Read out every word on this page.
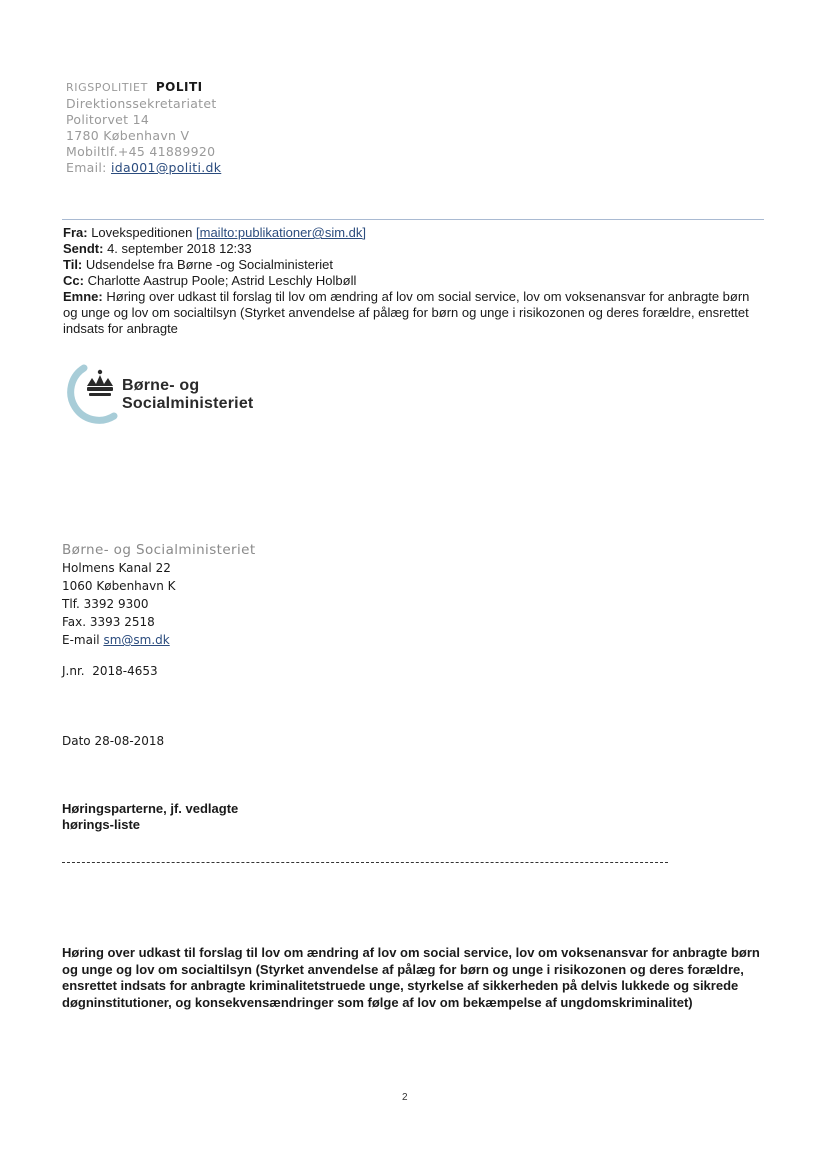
RIGSPOLITIET POLITI
Direktionssekretariatet
Politorvet 14
1780 København V
Mobiltlf.+45 41889920
Email: ida001@politi.dk
Fra: Lovekspeditionen [mailto:publikationer@sim.dk]
Sendt: 4. september 2018 12:33
Til: Udsendelse fra Børne -og Socialministeriet
Cc: Charlotte Aastrup Poole; Astrid Leschly Holbøll
Emne: Høring over udkast til forslag til lov om ændring af lov om social service, lov om voksenansvar for anbragte børn og unge og lov om socialtilsyn (Styrket anvendelse af pålæg for børn og unge i risikozonen og deres forældre, ensrettet indsats for anbragte
Børne- og
Socialministeriet
Børne- og Socialministeriet
Holmens Kanal 22
1060 København K
Tlf. 3392 9300
Fax. 3393 2518
E-mail sm@sm.dk
J.nr.  2018-4653
Dato 28-08-2018
Høringsparterne, jf. vedlagte
hørings-liste
Høring over udkast til forslag til lov om ændring af lov om social service, lov om voksenansvar for anbragte børn og unge og lov om socialtilsyn (Styrket anvendelse af pålæg for børn og unge i risikozonen og deres forældre, ensrettet indsats for anbragte kriminalitetstruede unge, styrkelse af sikkerheden på delvis lukkede og sikrede døgninstitutioner, og konsekvensændringer som følge af lov om bekæmpelse af ungdomskriminalitet)
2
